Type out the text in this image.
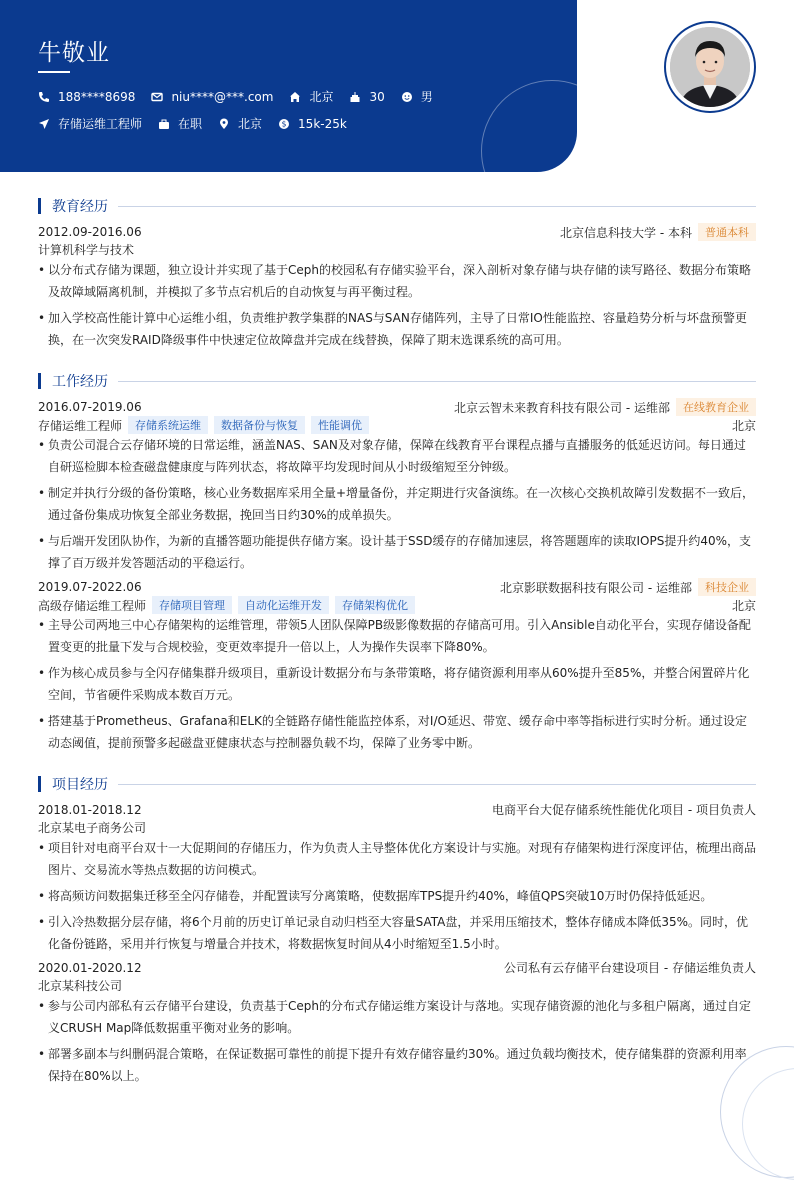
牛敬业
188****8698	niu****@***.com	北京	30	男
存储运维工程师	在职	北京	$ 15k-25k
教育经历
2012.09-2016.06	北京信息科技大学 - 本科	普通本科
计算机科学与技术
• 以分布式存储为课题，独立设计并实现了基于Ceph的校园私有存储实验平台，深入剖析对象存储与块存储的读写路径、数据分布策略及故障域隔离机制，并模拟了多节点宕机后的自动恢复与再平衡过程。
• 加入学校高性能计算中心运维小组，负责维护教学集群的NAS与SAN存储阵列，主导了日常IO性能监控、容量趋势分析与坏盘预警更换，在一次突发RAID降级事件中快速定位故障盘并完成在线替换，保障了期末选课系统的高可用。
工作经历
2016.07-2019.06	北京云智未来教育科技有限公司 - 运维部	在线教育企业
存储运维工程师	存储系统运维	数据备份与恢复	性能调优	北京
• 负责公司混合云存储环境的日常运维，涵盖NAS、SAN及对象存储，保障在线教育平台课程点播与直播服务的低延迟访问。每日通过自研巡检脚本检查磁盘健康度与阵列状态，将故障平均发现时间从小时级缩短至分钟级。
• 制定并执行分级的备份策略，核心业务数据库采用全量+增量备份，并定期进行灾备演练。在一次核心交换机故障引发数据不一致后，通过备份集成功恢复全部业务数据，挽回当日约30%的成单损失。
• 与后端开发团队协作，为新的直播答题功能提供存储方案。设计基于SSD缓存的存储加速层，将答题题库的读取IOPS提升约40%，支撑了百万级并发答题活动的平稳运行。
2019.07-2022.06	北京影联数据科技有限公司 - 运维部	科技企业
高级存储运维工程师	存储项目管理	自动化运维开发	存储架构优化	北京
• 主导公司两地三中心存储架构的运维管理，带领5人团队保障PB级影像数据的存储高可用。引入Ansible自动化平台，实现存储设备配置变更的批量下发与合规校验，变更效率提升一倍以上，人为操作失误率下降80%。
• 作为核心成员参与全闪存储集群升级项目，重新设计数据分布与条带策略，将存储资源利用率从60%提升至85%，并整合闲置碎片化空间，节省硬件采购成本数百万元。
• 搭建基于Prometheus、Grafana和ELK的全链路存储性能监控体系，对I/O延迟、带宽、缓存命中率等指标进行实时分析。通过设定动态阈值，提前预警多起磁盘亚健康状态与控制器负载不均，保障了业务零中断。
项目经历
2018.01-2018.12	电商平台大促存储系统性能优化项目 - 项目负责人
北京某电子商务公司
• 项目针对电商平台双十一大促期间的存储压力，作为负责人主导整体优化方案设计与实施。对现有存储架构进行深度评估，梳理出商品图片、交易流水等热点数据的访问模式。
• 将高频访问数据集迁移至全闪存储卷，并配置读写分离策略，使数据库TPS提升约40%，峰值QPS突破10万时仍保持低延迟。
• 引入冷热数据分层存储，将6个月前的历史订单记录自动归档至大容量SATA盘，并采用压缩技术，整体存储成本降低35%。同时，优化备份链路，采用并行恢复与增量合并技术，将数据恢复时间从4小时缩短至1.5小时。
2020.01-2020.12	公司私有云存储平台建设项目 - 存储运维负责人
北京某科技公司
• 参与公司内部私有云存储平台建设，负责基于Ceph的分布式存储运维方案设计与落地。实现存储资源的池化与多租户隔离，通过自定义CRUSH Map降低数据重平衡对业务的影响。
• 部署多副本与纠删码混合策略，在保证数据可靠性的前提下提升有效存储容量约30%。通过负载均衡技术，使存储集群的资源利用率保持在80%以上。
